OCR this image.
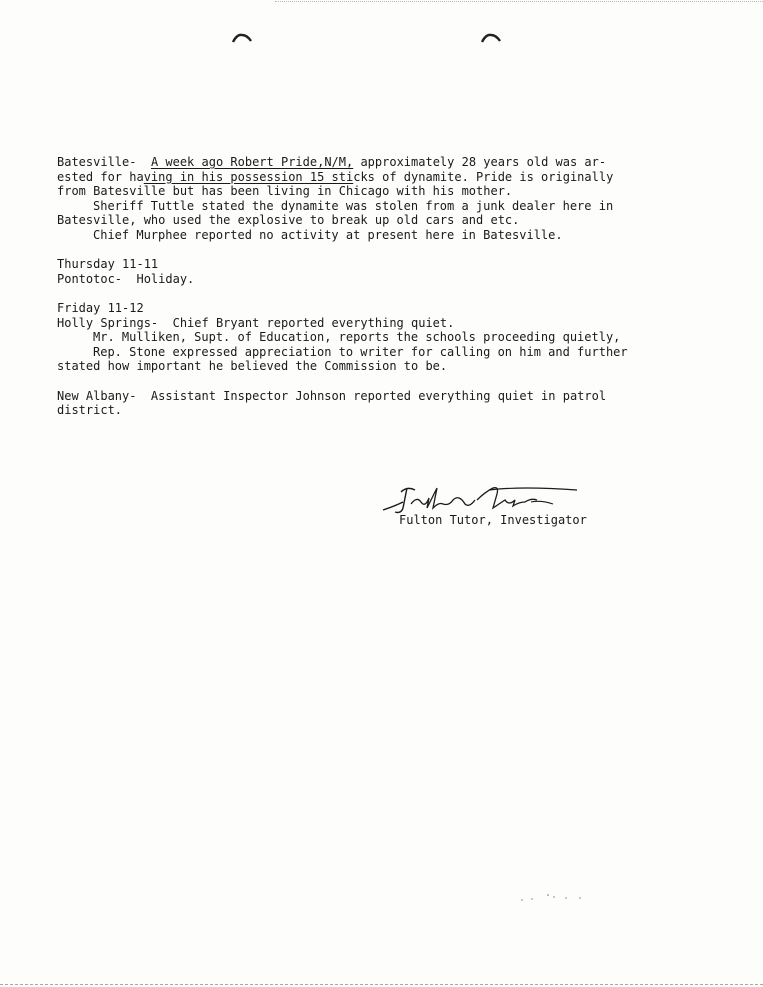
Batesville- A week ago Robert Pride,N/M, approximately 28 years old was ar-
ested for having in his possession 15 sticks of dynamite. Pride is originally
from Batesville but has been living in Chicago with his mother.
Sheriff Tuttle stated the dynamite was stolen from a junk dealer here in
Batesville, who used the explosive to break up old cars and etc.
Chief Murphee reported no activity at present here in Batesville.
Thursday 11-11
Pontotoc-  Holiday.
Friday 11-12
Holly Springs-  Chief Bryant reported everything quiet.
Mr. Mulliken, Supt. of Education, reports the schools proceeding quietly,
Rep. Stone expressed appreciation to writer for calling on him and further
stated how important he believed the Commission to be.
New Albany-  Assistant Inspector Johnson reported everything quiet in patrol
district.
Fulton Tutor, Investigator
